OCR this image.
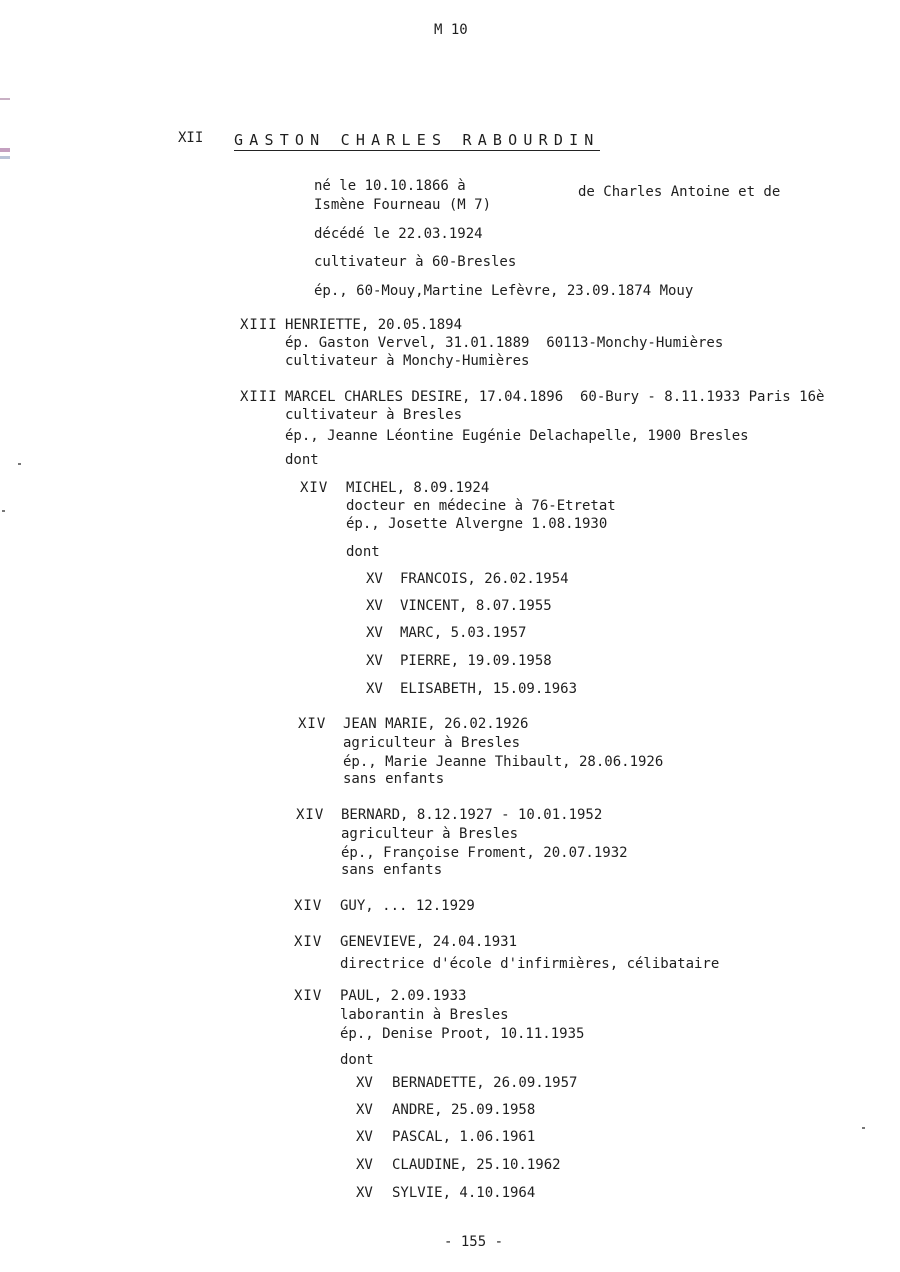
M 10
XII GASTON CHARLES RABOURDIN
né le 10.10.1866 à	de Charles Antoine et de
Ismène Fourneau (M 7)
décédé le 22.03.1924
cultivateur à 60-Bresles
ép., 60-Mouy,Martine Lefèvre, 23.09.1874 Mouy
XIII HENRIETTE, 20.05.1894
ép. Gaston Vervel, 31.01.1889  60113-Monchy-Humières
cultivateur à Monchy-Humières
XIII MARCEL CHARLES DESIRE, 17.04.1896  60-Bury - 8.11.1933 Paris 16è
cultivateur à Bresles
ép., Jeanne Léontine Eugénie Delachapelle, 1900 Bresles
dont
XIV MICHEL, 8.09.1924
docteur en médecine à 76-Etretat
ép., Josette Alvergne 1.08.1930
dont
XV FRANCOIS, 26.02.1954
XV VINCENT, 8.07.1955
XV MARC, 5.03.1957
XV PIERRE, 19.09.1958
XV ELISABETH, 15.09.1963
XIV JEAN MARIE, 26.02.1926
agriculteur à Bresles
ép., Marie Jeanne Thibault, 28.06.1926
sans enfants
XIV BERNARD, 8.12.1927 - 10.01.1952
agriculteur à Bresles
ép., Françoise Froment, 20.07.1932
sans enfants
XIV GUY, ... 12.1929
XIV GENEVIEVE, 24.04.1931
directrice d'école d'infirmières, célibataire
XIV PAUL, 2.09.1933
laborantin à Bresles
ép., Denise Proot, 10.11.1935
dont
XV BERNADETTE, 26.09.1957
XV ANDRE, 25.09.1958
XV PASCAL, 1.06.1961
XV CLAUDINE, 25.10.1962
XV SYLVIE, 4.10.1964
- 155 -
